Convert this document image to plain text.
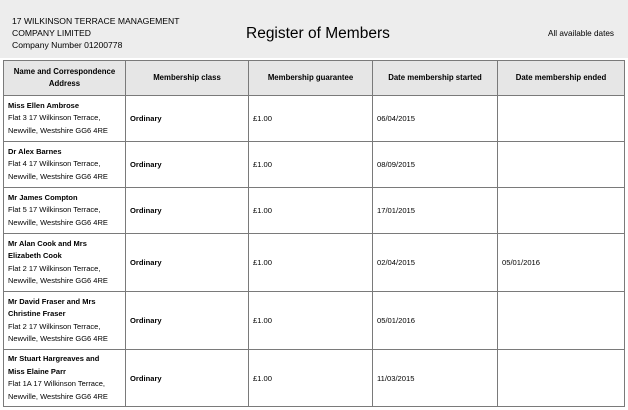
17 WILKINSON TERRACE MANAGEMENT
COMPANY LIMITED
Company Number 01200778
Register of Members	All available dates
Name and Correspondence Address	Membership class	Membership guarantee	Date membership started	Date membership ended

Miss Ellen Ambrose
Flat 3 17 Wilkinson Terrace,
Newville, Westshire GG6 4RE	Ordinary	£1.00	06/04/2015	

Dr Alex Barnes
Flat 4 17 Wilkinson Terrace,
Newville, Westshire GG6 4RE	Ordinary	£1.00	08/09/2015	

Mr James Compton
Flat 5 17 Wilkinson Terrace,
Newville, Westshire GG6 4RE	Ordinary	£1.00	17/01/2015	

Mr Alan Cook and Mrs
Elizabeth Cook
Flat 2 17 Wilkinson Terrace,
Newville, Westshire GG6 4RE	Ordinary	£1.00	02/04/2015	05/01/2016

Mr David Fraser and Mrs
Christine Fraser
Flat 2 17 Wilkinson Terrace,
Newville, Westshire GG6 4RE	Ordinary	£1.00	05/01/2016	

Mr Stuart Hargreaves and
Miss Elaine Parr
Flat 1A 17 Wilkinson Terrace,
Newville, Westshire GG6 4RE	Ordinary	£1.00	11/03/2015	
